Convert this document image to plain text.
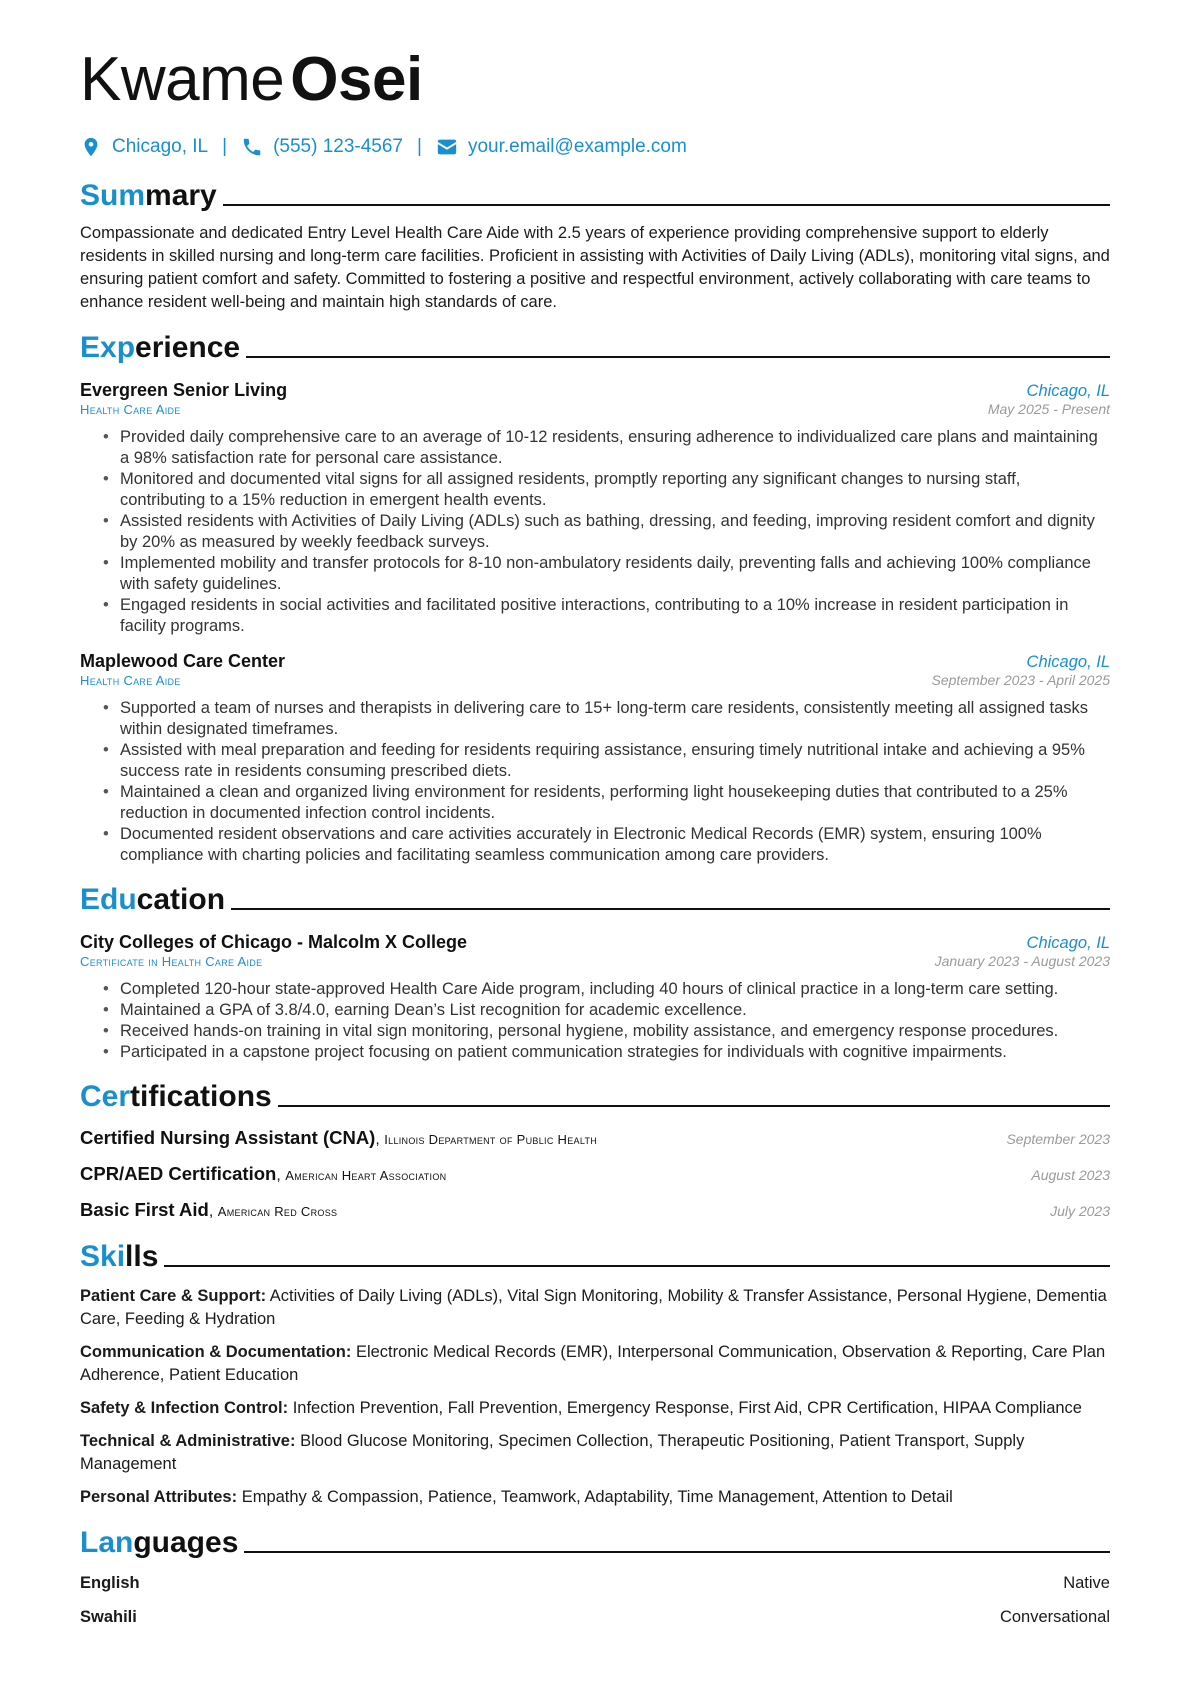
KwameOsei
Chicago, IL | (555) 123-4567 | your.email@example.com
Summary

Compassionate and dedicated Entry Level Health Care Aide with 2.5 years of experience providing comprehensive support to elderly residents in skilled nursing and long-term care facilities. Proficient in assisting with Activities of Daily Living (ADLs), monitoring vital signs, and ensuring patient comfort and safety. Committed to fostering a positive and respectful environment, actively collaborating with care teams to enhance resident well-being and maintain high standards of care.

Experience
Evergreen Senior Living	Chicago, IL
Health Care Aide	May 2025 - Present
• Provided daily comprehensive care to an average of 10-12 residents, ensuring adherence to individualized care plans and maintaining a 98% satisfaction rate for personal care assistance.
• Monitored and documented vital signs for all assigned residents, promptly reporting any significant changes to nursing staff, contributing to a 15% reduction in emergent health events.
• Assisted residents with Activities of Daily Living (ADLs) such as bathing, dressing, and feeding, improving resident comfort and dignity by 20% as measured by weekly feedback surveys.
• Implemented mobility and transfer protocols for 8-10 non-ambulatory residents daily, preventing falls and achieving 100% compliance with safety guidelines.
• Engaged residents in social activities and facilitated positive interactions, contributing to a 10% increase in resident participation in facility programs.
Maplewood Care Center	Chicago, IL
Health Care Aide	September 2023 - April 2025
• Supported a team of nurses and therapists in delivering care to 15+ long-term care residents, consistently meeting all assigned tasks within designated timeframes.
• Assisted with meal preparation and feeding for residents requiring assistance, ensuring timely nutritional intake and achieving a 95% success rate in residents consuming prescribed diets.
• Maintained a clean and organized living environment for residents, performing light housekeeping duties that contributed to a 25% reduction in documented infection control incidents.
• Documented resident observations and care activities accurately in Electronic Medical Records (EMR) system, ensuring 100% compliance with charting policies and facilitating seamless communication among care providers.
Education
City Colleges of Chicago - Malcolm X College	Chicago, IL
Certificate in Health Care Aide	January 2023 - August 2023
• Completed 120-hour state-approved Health Care Aide program, including 40 hours of clinical practice in a long-term care setting.
• Maintained a GPA of 3.8/4.0, earning Dean’s List recognition for academic excellence.
• Received hands-on training in vital sign monitoring, personal hygiene, mobility assistance, and emergency response procedures.
• Participated in a capstone project focusing on patient communication strategies for individuals with cognitive impairments.
Certifications
Certified Nursing Assistant (CNA), Illinois Department of Public Health	September 2023
CPR/AED Certification, American Heart Association	August 2023
Basic First Aid, American Red Cross	July 2023
Skills
Patient Care & Support: Activities of Daily Living (ADLs), Vital Sign Monitoring, Mobility & Transfer Assistance, Personal Hygiene, Dementia Care, Feeding & Hydration
Communication & Documentation: Electronic Medical Records (EMR), Interpersonal Communication, Observation & Reporting, Care Plan Adherence, Patient Education
Safety & Infection Control: Infection Prevention, Fall Prevention, Emergency Response, First Aid, CPR Certification, HIPAA Compliance
Technical & Administrative: Blood Glucose Monitoring, Specimen Collection, Therapeutic Positioning, Patient Transport, Supply Management
Personal Attributes: Empathy & Compassion, Patience, Teamwork, Adaptability, Time Management, Attention to Detail
Languages
English	Native
Swahili	Conversational
